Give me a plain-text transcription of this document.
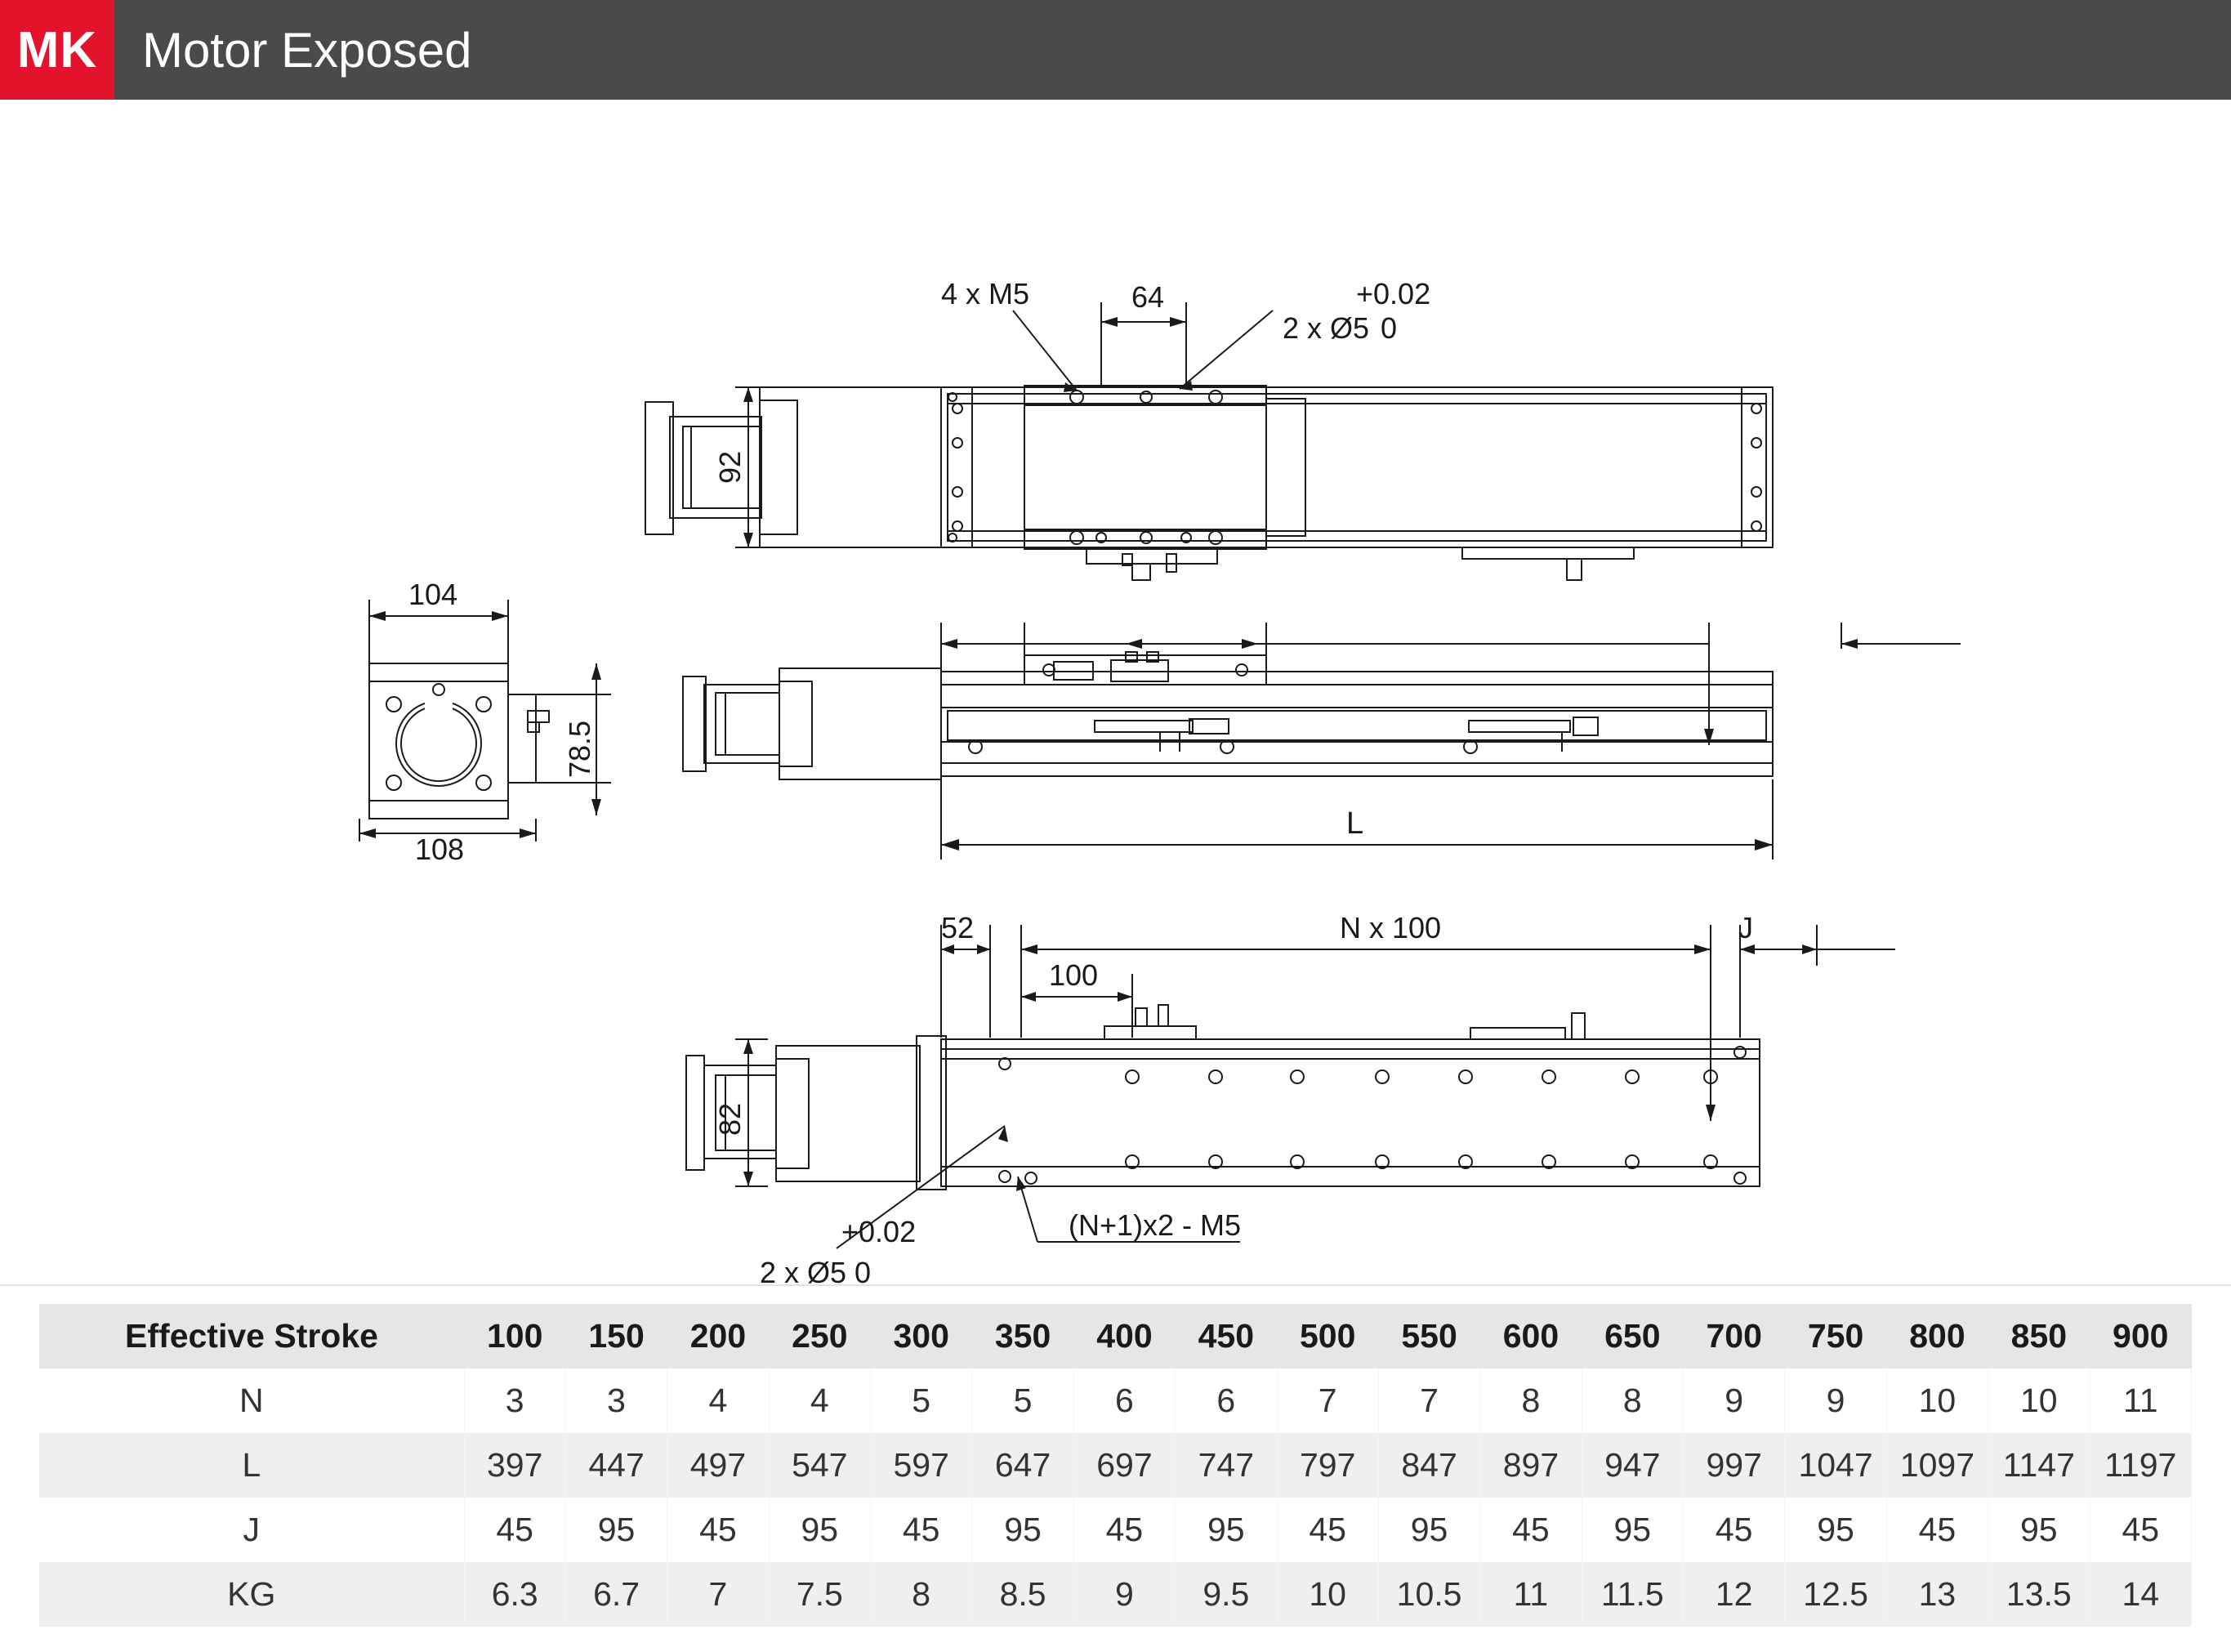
MK Motor Exposed
92
64
4 x M5	+0.02
2 x Ø5 0
104
108
78.5
L
82
52
100
N x 100	J
+0.02
2 x Ø5 0
(N+1)x2 - M5
Effective Stroke	100	150	200	250	300	350	400	450	500	550	600	650	700	750	800	850	900
N	3	3	4	4	5	5	6	6	7	7	8	8	9	9	10	10	11
L	397	447	497	547	597	647	697	747	797	847	897	947	997	1047	1097	1147	1197
J	45	95	45	95	45	95	45	95	45	95	45	95	45	95	45	95	45
KG	6.3	6.7	7	7.5	8	8.5	9	9.5	10	10.5	11	11.5	12	12.5	13	13.5	14
